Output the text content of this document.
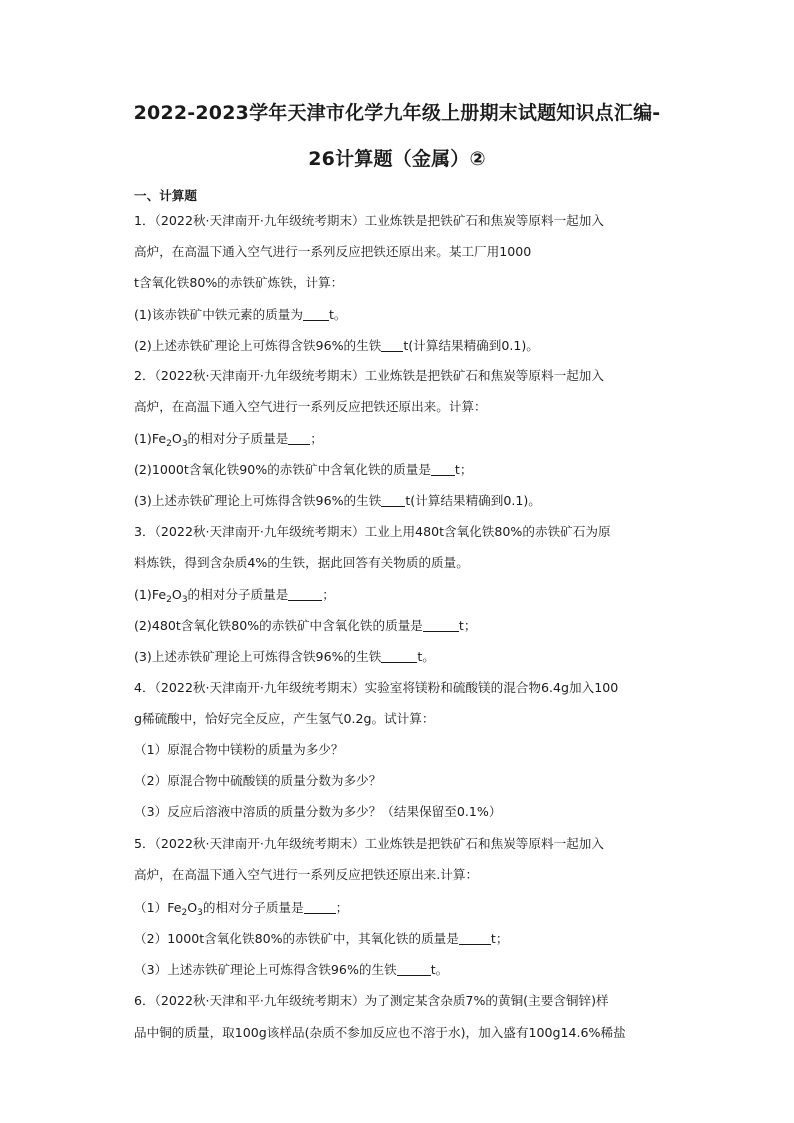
2022-2023学年天津市化学九年级上册期末试题知识点汇编-
26计算题（金属）②
一、计算题
1．（2022秋·天津南开·九年级统考期末）工业炼铁是把铁矿石和焦炭等原料一起加入
高炉，在高温下通入空气进行一系列反应把铁还原出来。某工厂用1000
t含氧化铁80%的赤铁矿炼铁，计算：
(1)该赤铁矿中铁元素的质量为 t。
(2)上述赤铁矿理论上可炼得含铁96%的生铁 t(计算结果精确到0.1)。
2．（2022秋·天津南开·九年级统考期末）工业炼铁是把铁矿石和焦炭等原料一起加入
高炉，在高温下通入空气进行一系列反应把铁还原出来。计算：
$(1)Fe_2O_3$的相对分子质量是 ；
(2)1000t含氧化铁90%的赤铁矿中含氧化铁的质量是 t；
(3)上述赤铁矿理论上可炼得含铁96%的生铁 t(计算结果精确到0.1)。
3．（2022秋·天津南开·九年级统考期末）工业上用480t含氧化铁80%的赤铁矿石为原
料炼铁，得到含杂质4%的生铁，据此回答有关物质的质量。
$(1)Fe_2O_3$的相对分子质量是	；
(2)480t含氧化铁80%的赤铁矿中含氧化铁的质量是	t；
(3)上述赤铁矿理论上可炼得含铁96%的生铁	t。
4．（2022秋·天津南开·九年级统考期末）实验室将镁粉和硫酸镁的混合物6.4g加入100
g稀硫酸中，恰好完全反应，产生氢气0.2g。试计算：
（1）原混合物中镁粉的质量为多少？
（2）原混合物中硫酸镁的质量分数为多少？
（3）反应后溶液中溶质的质量分数为多少？（结果保留至0.1%）
5．（2022秋·天津南开·九年级统考期末）工业炼铁是把铁矿石和焦炭等原料一起加入
高炉，在高温下通入空气进行一系列反应把铁还原出来.计算：
$(1)Fe_2O_3$的相对分子质量是	；
（2）1000t含氧化铁80%的赤铁矿中，其氧化铁的质量是	t；
（3）上述赤铁矿理论上可炼得含铁96%的生铁	t。
6．（2022秋·天津和平·九年级统考期末）为了测定某含杂质7%的黄铜(主要含铜锌)样
品中铜的质量，取100g该样品(杂质不参加反应也不溶于水)，加入盛有100g14.6%稀盐
